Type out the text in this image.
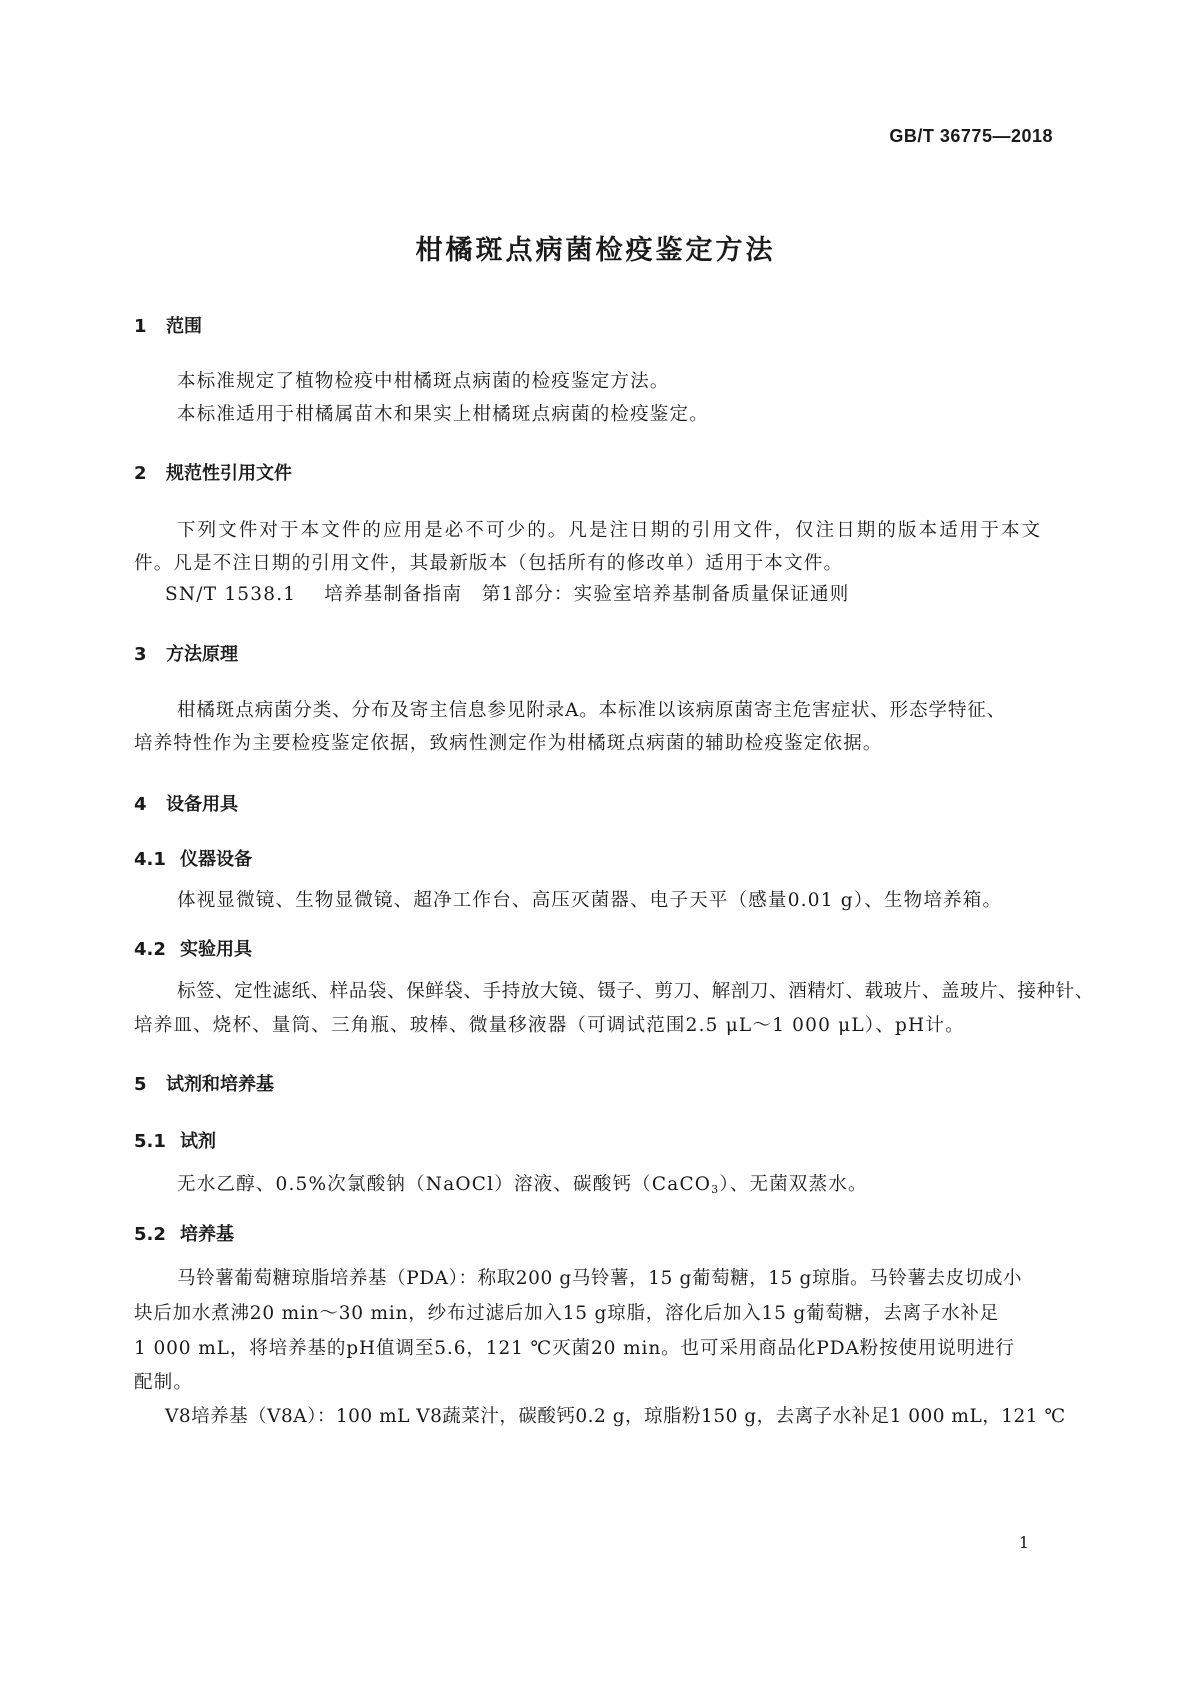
GB/T 36775—2018
柑橘斑点病菌检疫鉴定方法
1 范围
本标准规定了植物检疫中柑橘斑点病菌的检疫鉴定方法。
本标准适用于柑橘属苗木和果实上柑橘斑点病菌的检疫鉴定。
2 规范性引用文件
下列文件对于本文件的应用是必不可少的。凡是注日期的引用文件，仅注日期的版本适用于本文
件。凡是不注日期的引用文件，其最新版本（包括所有的修改单）适用于本文件。
SN/T 1538.1 培养基制备指南　第1部分：实验室培养基制备质量保证通则
3 方法原理
柑橘斑点病菌分类、分布及寄主信息参见附录A。本标准以该病原菌寄主危害症状、形态学特征、
培养特性作为主要检疫鉴定依据，致病性测定作为柑橘斑点病菌的辅助检疫鉴定依据。
4 设备用具
4.1 仪器设备
体视显微镜、生物显微镜、超净工作台、高压灭菌器、电子天平（感量0.01 g）、生物培养箱。
4.2 实验用具
标签、定性滤纸、样品袋、保鲜袋、手持放大镜、镊子、剪刀、解剖刀、酒精灯、载玻片、盖玻片、接种针、
培养皿、烧杯、量筒、三角瓶、玻棒、微量移液器（可调试范围2.5 μL～1 000 μL）、pH计。
5 试剂和培养基
5.1 试剂
无水乙醇、0.5%次氯酸钠（NaOCl）溶液、碳酸钙（CaCO$_3$）、无菌双蒸水。
5.2 培养基
马铃薯葡萄糖琼脂培养基（PDA）：称取200 g马铃薯，15 g葡萄糖，15 g琼脂。马铃薯去皮切成小
块后加水煮沸20 min～30 min，纱布过滤后加入15 g琼脂，溶化后加入15 g葡萄糖，去离子水补足
1 000 mL，将培养基的pH值调至5.6，121 ℃灭菌20 min。也可采用商品化PDA粉按使用说明进行
配制。
V8培养基（V8A）：100 mL V8蔬菜汁，碳酸钙0.2 g，琼脂粉150 g，去离子水补足1 000 mL，121 ℃
1
